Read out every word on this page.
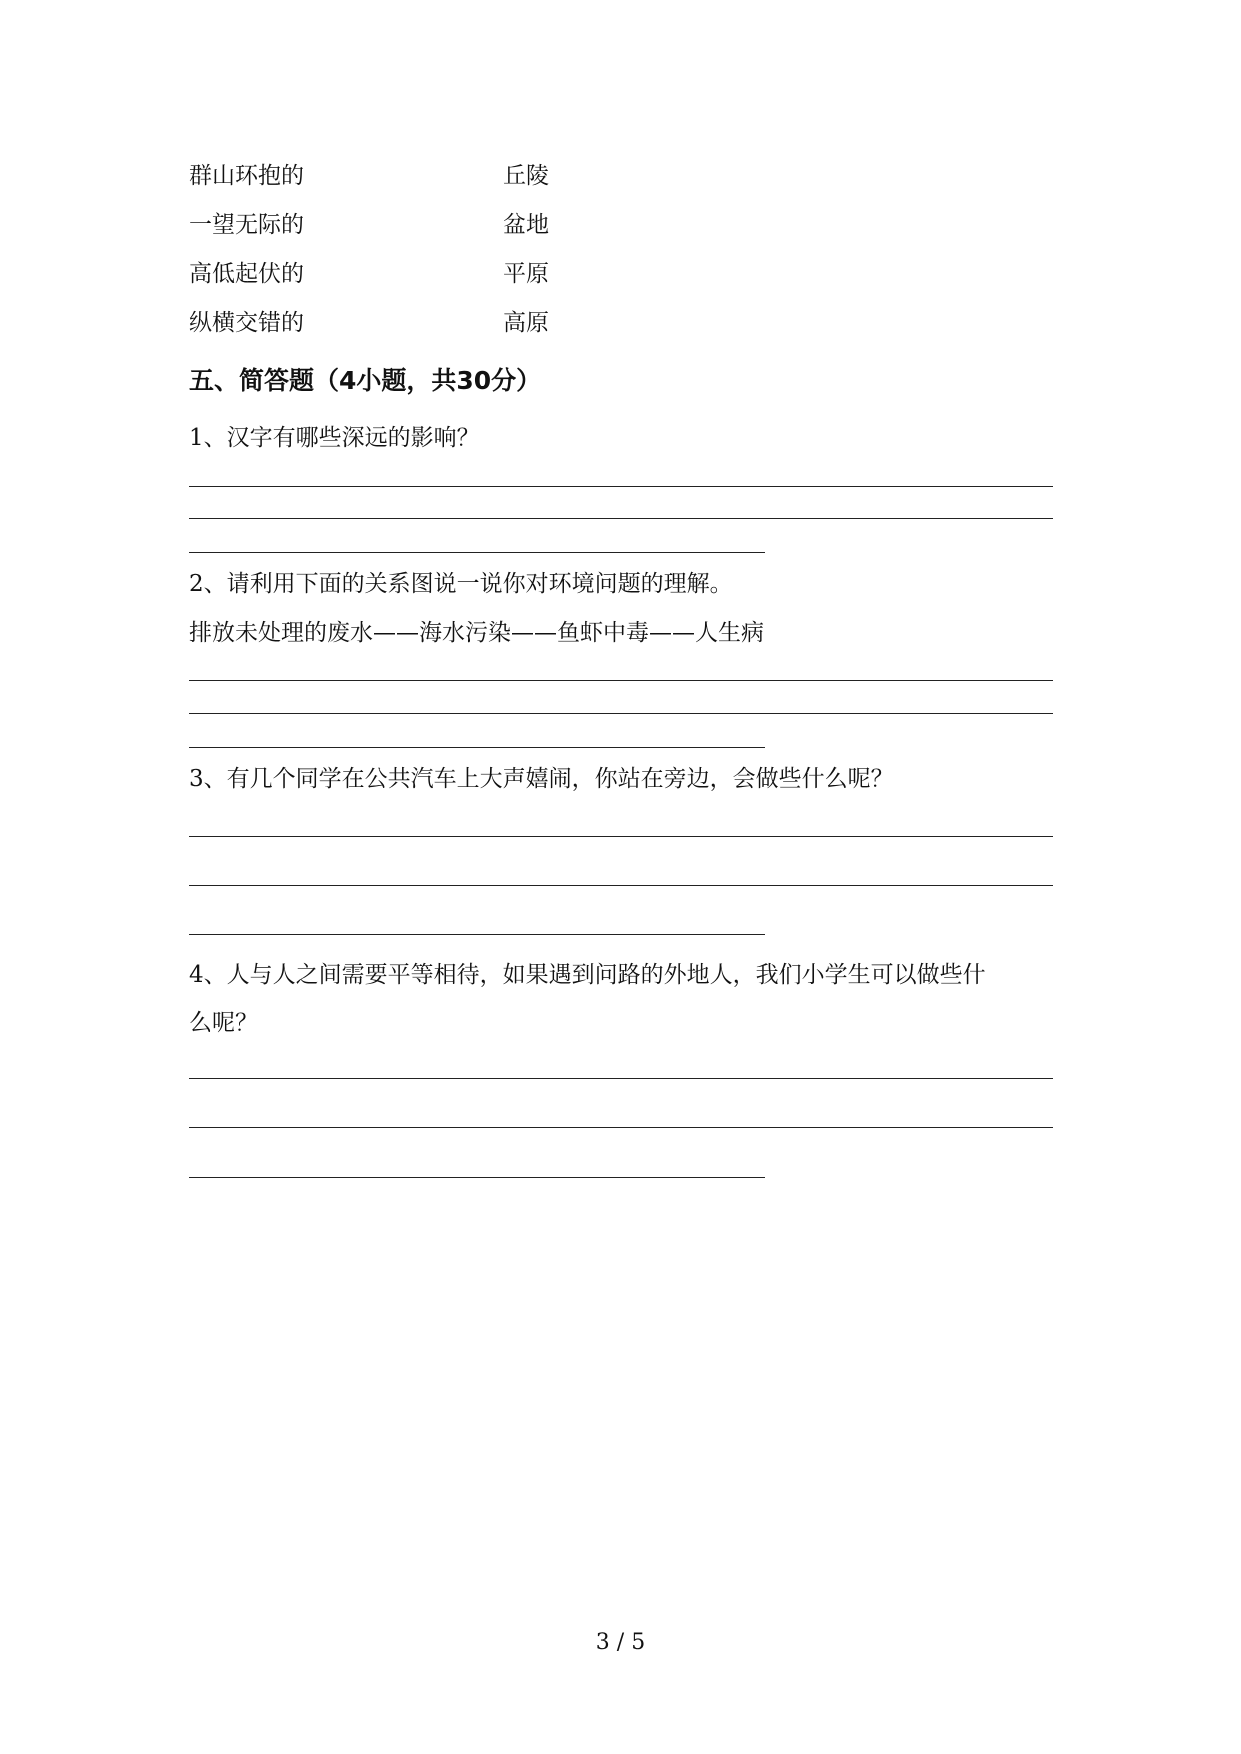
群山环抱的	丘陵
一望无际的	盆地
高低起伏的	平原
纵横交错的	高原
五、简答题（4小题，共30分）
1、汉字有哪些深远的影响？
2、请利用下面的关系图说一说你对环境问题的理解。
排放未处理的废水——海水污染——鱼虾中毒——人生病
3、有几个同学在公共汽车上大声嬉闹，你站在旁边，会做些什么呢？
4、人与人之间需要平等相待，如果遇到问路的外地人，我们小学生可以做些什
么呢？
3 / 5
